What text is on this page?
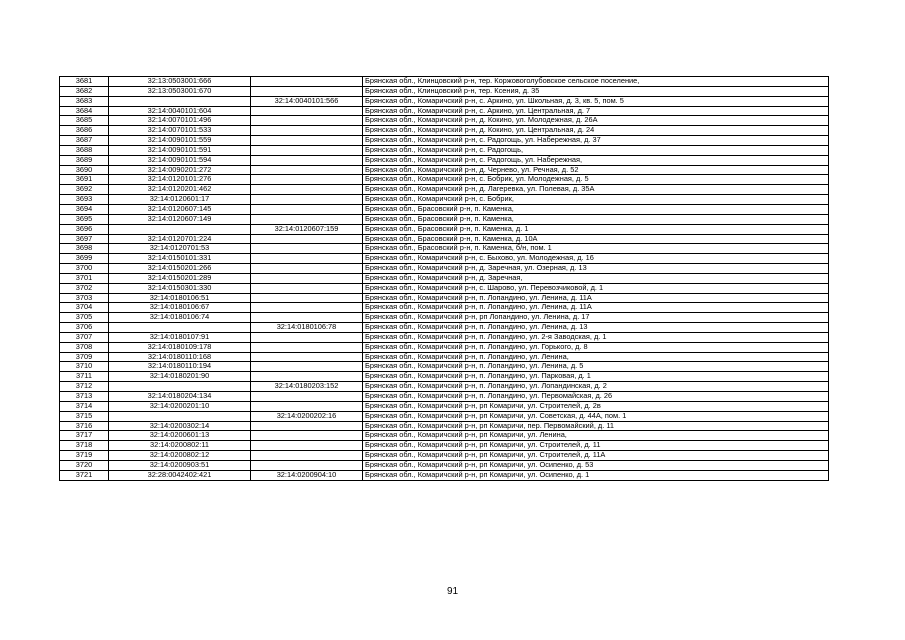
3681	32:13:0503001:666		Брянская обл., Клинцовский р-н, тер. Коржовоголубовское сельское поселение,
3682	32:13:0503001:670		Брянская обл., Клинцовский р-н, тер. Ксения, д. 35
3683		32:14:0040101:566	Брянская обл., Комаричский р-н, с. Аркино, ул. Школьная, д. 3, кв. 5, пом. 5
3684	32:14:0040101:604		Брянская обл., Комаричский р-н, с. Аркино, ул. Центральная, д. 7
3685	32:14:0070101:496		Брянская обл., Комаричский р-н, д. Кокино, ул. Молодежная, д. 26А
3686	32:14:0070101:533		Брянская обл., Комаричский р-н, д. Кокино, ул. Центральная, д. 24
3687	32:14:0090101:559		Брянская обл., Комаричский р-н, с. Радогощь, ул. Набережная, д. 37
3688	32:14:0090101:591		Брянская обл., Комаричский р-н, с. Радогощь,
3689	32:14:0090101:594		Брянская обл., Комаричский р-н, с. Радогощь, ул. Набережная,
3690	32:14:0090201:272		Брянская обл., Комаричский р-н, д. Чернево, ул. Речная, д. 52
3691	32:14:0120101:276		Брянская обл., Комаричский р-н, с. Бобрик, ул. Молодежная, д. 5
3692	32:14:0120201:462		Брянская обл., Комаричский р-н, д. Лагеревка, ул. Полевая, д. 35А
3693	32:14:0120601:17		Брянская обл., Комаричский р-н, с. Бобрик,
3694	32:14:0120607:145		Брянская обл., Брасовский р-н, п. Каменка,
3695	32:14:0120607:149		Брянская обл., Брасовский р-н, п. Каменка,
3696		32:14:0120607:159	Брянская обл., Брасовский р-н, п. Каменка, д. 1
3697	32:14:0120701:224		Брянская обл., Брасовский р-н, п. Каменка, д. 10А
3698	32:14:0120701:53		Брянская обл., Брасовский р-н, п. Каменка, б/н, пом. 1
3699	32:14:0150101:331		Брянская обл., Комаричский р-н, с. Быхово, ул. Молодежная, д. 16
3700	32:14:0150201:266		Брянская обл., Комаричский р-н, д. Заречная, ул. Озерная, д. 13
3701	32:14:0150201:289		Брянская обл., Комаричский р-н, д. Заречная,
3702	32:14:0150301:330		Брянская обл., Комаричский р-н, с. Шарово, ул. Перевозчиковой, д. 1
3703	32:14:0180106:51		Брянская обл., Комаричский р-н, п. Лопандино, ул. Ленина, д. 11А
3704	32:14:0180106:67		Брянская обл., Комаричский р-н, п. Лопандино, ул. Ленина, д. 11А
3705	32:14:0180106:74		Брянская обл., Комаричский р-н, рп Лопандино, ул. Ленина, д. 17
3706		32:14:0180106:78	Брянская обл., Комаричский р-н, п. Лопандино, ул. Ленина, д. 13
3707	32:14:0180107:91		Брянская обл., Комаричский р-н, п. Лопандино, ул. 2-я Заводская, д. 1
3708	32:14:0180109:178		Брянская обл., Комаричский р-н, п. Лопандино, ул. Горького, д. 8
3709	32:14:0180110:168		Брянская обл., Комаричский р-н, п. Лопандино, ул. Ленина,
3710	32:14:0180110:194		Брянская обл., Комаричский р-н, п. Лопандино, ул. Ленина, д. 5
3711	32:14:0180201:90		Брянская обл., Комаричский р-н, п. Лопандино, ул. Парковая, д. 1
3712		32:14:0180203:152	Брянская обл., Комаричский р-н, п. Лопандино, ул. Лопандинская, д. 2
3713	32:14:0180204:134		Брянская обл., Комаричский р-н, п. Лопандино, ул. Первомайская, д. 26
3714	32:14:0200201:10		Брянская обл., Комаричский р-н, рп Комаричи, ул. Строителей, д. 2в
3715		32:14:0200202:16	Брянская обл., Комаричский р-н, рп Комаричи, ул. Советская, д. 44А, пом. 1
3716	32:14:0200302:14		Брянская обл., Комаричский р-н, рп Комаричи, пер. Первомайский, д. 11
3717	32:14:0200601:13		Брянская обл., Комаричский р-н, рп Комаричи, ул. Ленина,
3718	32:14:0200802:11		Брянская обл., Комаричский р-н, рп Комаричи, ул. Строителей, д. 11
3719	32:14:0200802:12		Брянская обл., Комаричский р-н, рп Комаричи, ул. Строителей, д. 11А
3720	32:14:0200903:51		Брянская обл., Комаричский р-н, рп Комаричи, ул. Осипенко, д. 53
3721	32:28:0042402:421	32:14:0200904:10	Брянская обл., Комаричский р-н, рп Комаричи, ул. Осипенко, д. 1
91
